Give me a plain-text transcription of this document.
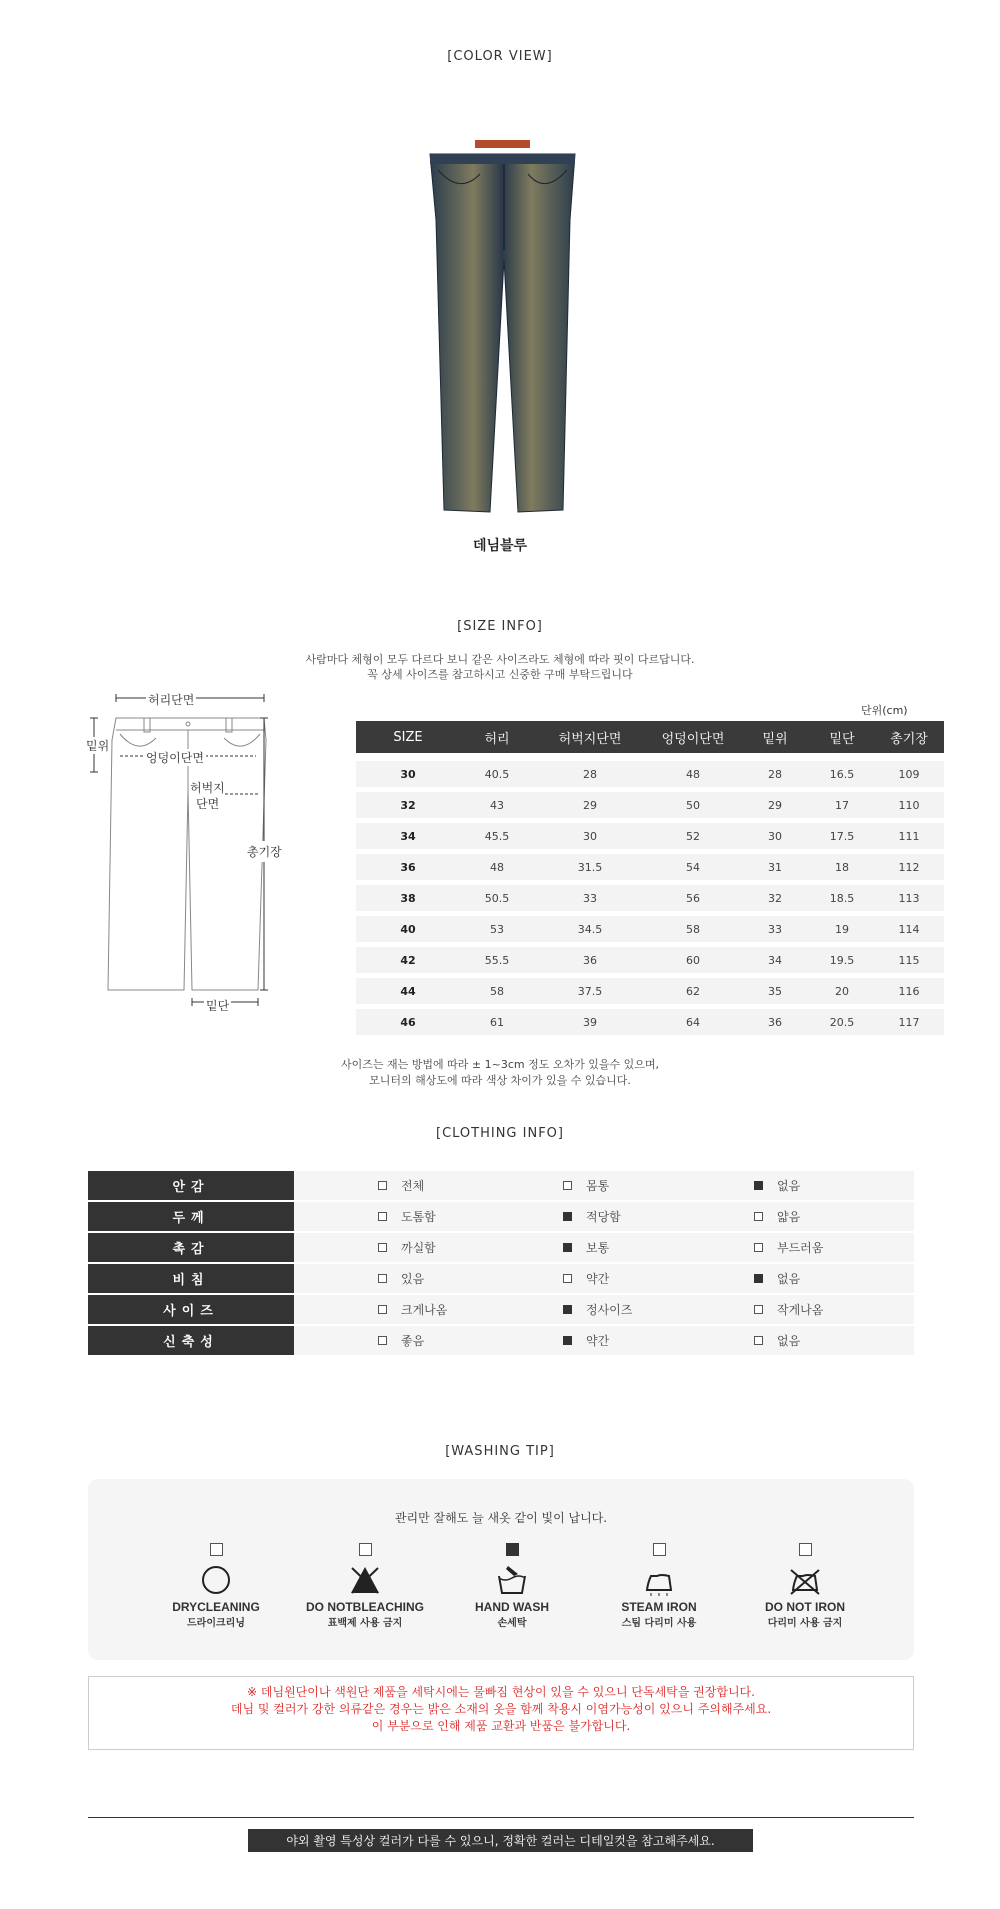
[COLOR VIEW]
데님블루
[SIZE INFO]
사람마다 체형이 모두 다르다 보니 같은 사이즈라도 체형에 따라 핏이 다르답니다.
꼭 상세 사이즈를 참고하시고 신중한 구매 부탁드립니다
허리단면
밑위
엉덩이단면
허벅지
단면
총기장
밑단
단위(cm)
SIZE	허리	허벅지단면	엉덩이단면	밑위	밑단	총기장
30	40.5	28	48	28	16.5	109
32	43	29	50	29	17	110
34	45.5	30	52	30	17.5	111
36	48	31.5	54	31	18	112
38	50.5	33	56	32	18.5	113
40	53	34.5	58	33	19	114
42	55.5	36	60	34	19.5	115
44	58	37.5	62	35	20	116
46	61	39	64	36	20.5	117
사이즈는 재는 방법에 따라 ± 1~3cm 정도 오차가 있을수 있으며,
모니터의 해상도에 따라 색상 차이가 있을 수 있습니다.
[CLOTHING INFO]
안감	전체	몸통	없음
두께	도톰함	적당함	얇음
촉감	까실함	보통	부드러움
비침	있음	약간	없음
사이즈	크게나옴	정사이즈	작게나옴
신축성	좋음	약간	없음
[WASHING TIP]
관리만 잘해도 늘 새옷 같이 빛이 납니다.
DRYCLEANING
드라이크리닝
DO NOTBLEACHING
표백제 사용 금지
HAND WASH
손세탁
STEAM IRON
스팀 다리미 사용
DO NOT IRON
다리미 사용 금지
※ 데님원단이나 색원단 제품을 세탁시에는 물빠짐 현상이 있을 수 있으니 단독세탁을 권장합니다.
데님 및 컬러가 강한 의류같은 경우는 밝은 소재의 옷을 함께 착용시 이염가능성이 있으니 주의해주세요.
이 부분으로 인해 제품 교환과 반품은 불가합니다.
야외 촬영 특성상 컬러가 다를 수 있으니, 정확한 컬러는 디테일컷을 참고해주세요.
